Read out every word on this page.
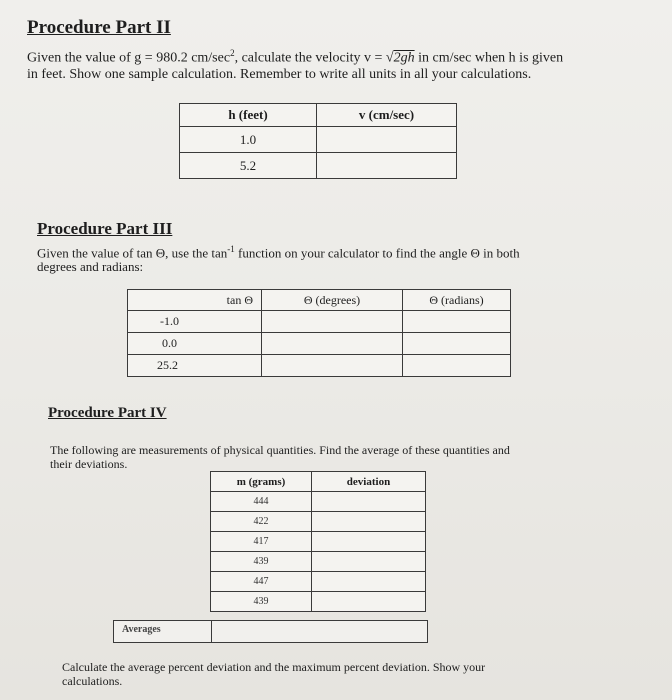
Procedure Part II
Given the value of g = 980.2 $cm/\sec^2$, calculate the velocity v = √2gh in cm/sec when h is given
in feet. Show one sample calculation. Remember to write all units in all your calculations.
h (feet)	v (cm/sec)
1.0	
5.2	
Procedure Part III
Given the value of tan Θ, use the $\tan^{-1}$ function on your calculator to find the angle Θ in both
degrees and radians:
tan Θ	Θ (degrees)	Θ (radians)
-1.0		
0.0		
25.2		
Procedure Part IV
The following are measurements of physical quantities. Find the average of these quantities and
their deviations.
m (grams)	deviation
444	
422	
417	
439	
447	
439	
Averages
Calculate the average percent deviation and the maximum percent deviation. Show your
calculations.
